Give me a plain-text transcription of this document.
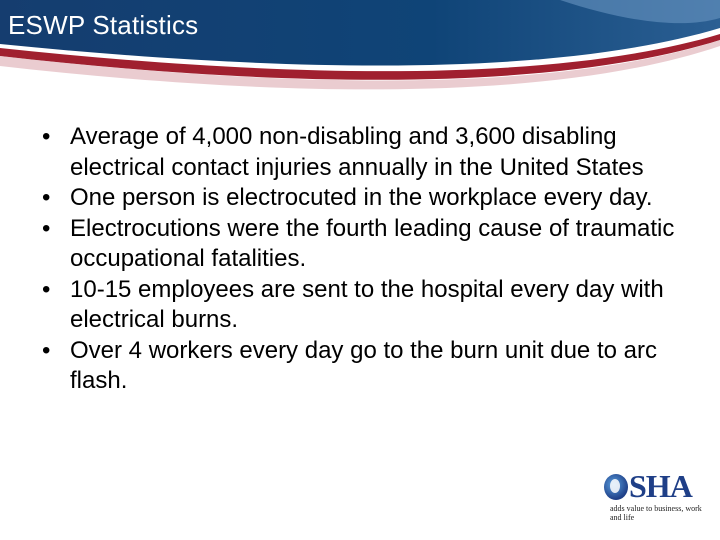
ESWP Statistics
• Average of 4,000 non-disabling and 3,600 disabling electrical contact injuries annually in the United States
• One person is electrocuted in the workplace every day.
• Electrocutions were the fourth leading cause of traumatic occupational fatalities.
• 10-15 employees are sent to the hospital every day with electrical burns.
• Over 4 workers every day go to the burn unit due to arc flash.
SHA
adds value to business, work and life
